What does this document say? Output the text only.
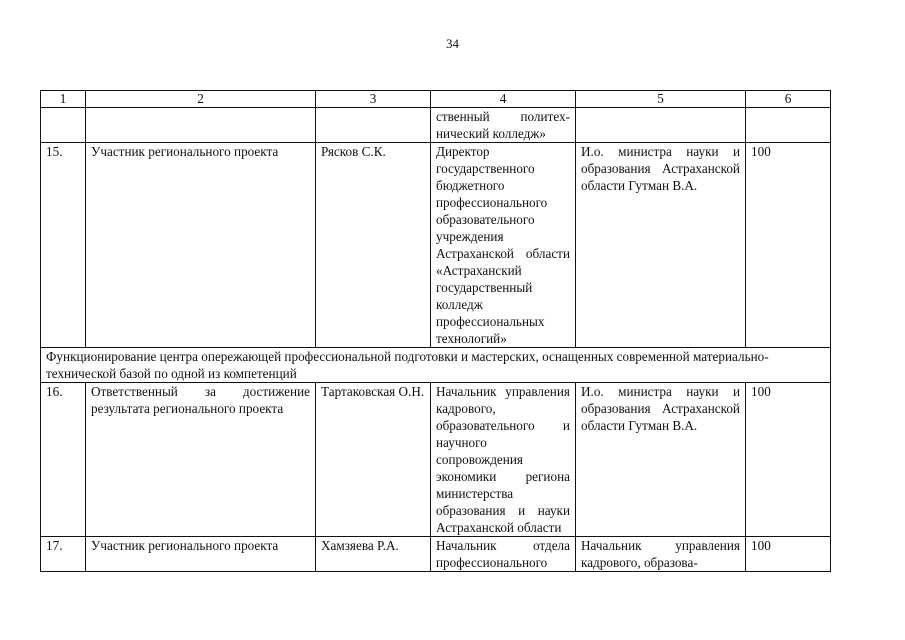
34
1	2	3	4	5	6
			ственный политех-нический колледж»		
15.	Участник регионального проекта	Рясков С.К.	Директор государственного бюджетного профессионального образовательного учреждения Астраханской области «Астраханский государственный колледж профессиональных технологий»	И.о. министра науки и образования Астраханской области Гутман В.А.	100
Функционирование центра опережающей профессиональной подготовки и мастерских, оснащенных современной материально-технической базой по одной из компетенций					
16.	Ответственный за достижение результата регионального проекта	Тартаковская О.Н.	Начальник управления кадрового, образовательного и научного сопровождения экономики региона министерства образования и науки Астраханской области	И.о. министра науки и образования Астраханской области Гутман В.А.	100
17.	Участник регионального проекта	Хамзяева Р.А.	Начальник отдела профессионального	Начальник управления кадрового, образова-	100
